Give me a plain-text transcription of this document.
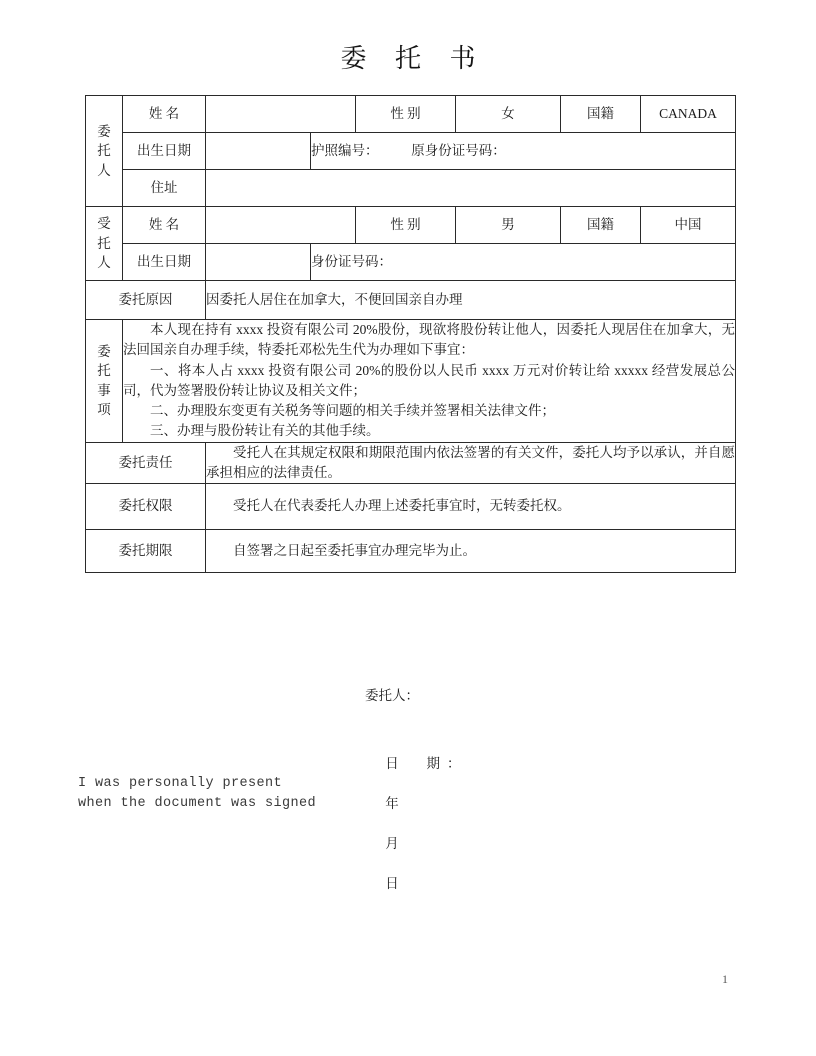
委 托 书
委
托
人	姓 名			性 别	女	国籍	CANADA
	出生日期		护照编号： 原身份证号码：				
	住址						

受
托
人	姓 名			性 别	男	国籍	中国
	出生日期		身份证号码：				
委托原因		因委托人居住在加拿大，不便回国亲自办理					

委
托
事
项

本人现在持有 xxxx 投资有限公司 20%股份，现欲将股份转让他人，因委托人现居住在加拿大，无法回国亲自办理手续，特委托邓松先生代为办理如下事宜：

一、将本人占 xxxx 投资有限公司 20%的股份以人民币 xxxx 万元对价转让给 xxxxx 经营发展总公司，代为签署股份转让协议及相关文件；

二、办理股东变更有关税务等问题的相关手续并签署相关法律文件；

三、办理与股份转让有关的其他手续。

委托责任		受托人在其规定权限和期限范围内依法签署的有关文件，委托人均予以承认，并自愿承担相应的法律责任。					

委托权限		受托人在代表委托人办理上述委托事宜时，无转委托权。					

委托期限		自签署之日起至委托事宜办理完毕为止。					

委托人：

日  期：

年

月

日

I was personally present
when the document was signed
1
